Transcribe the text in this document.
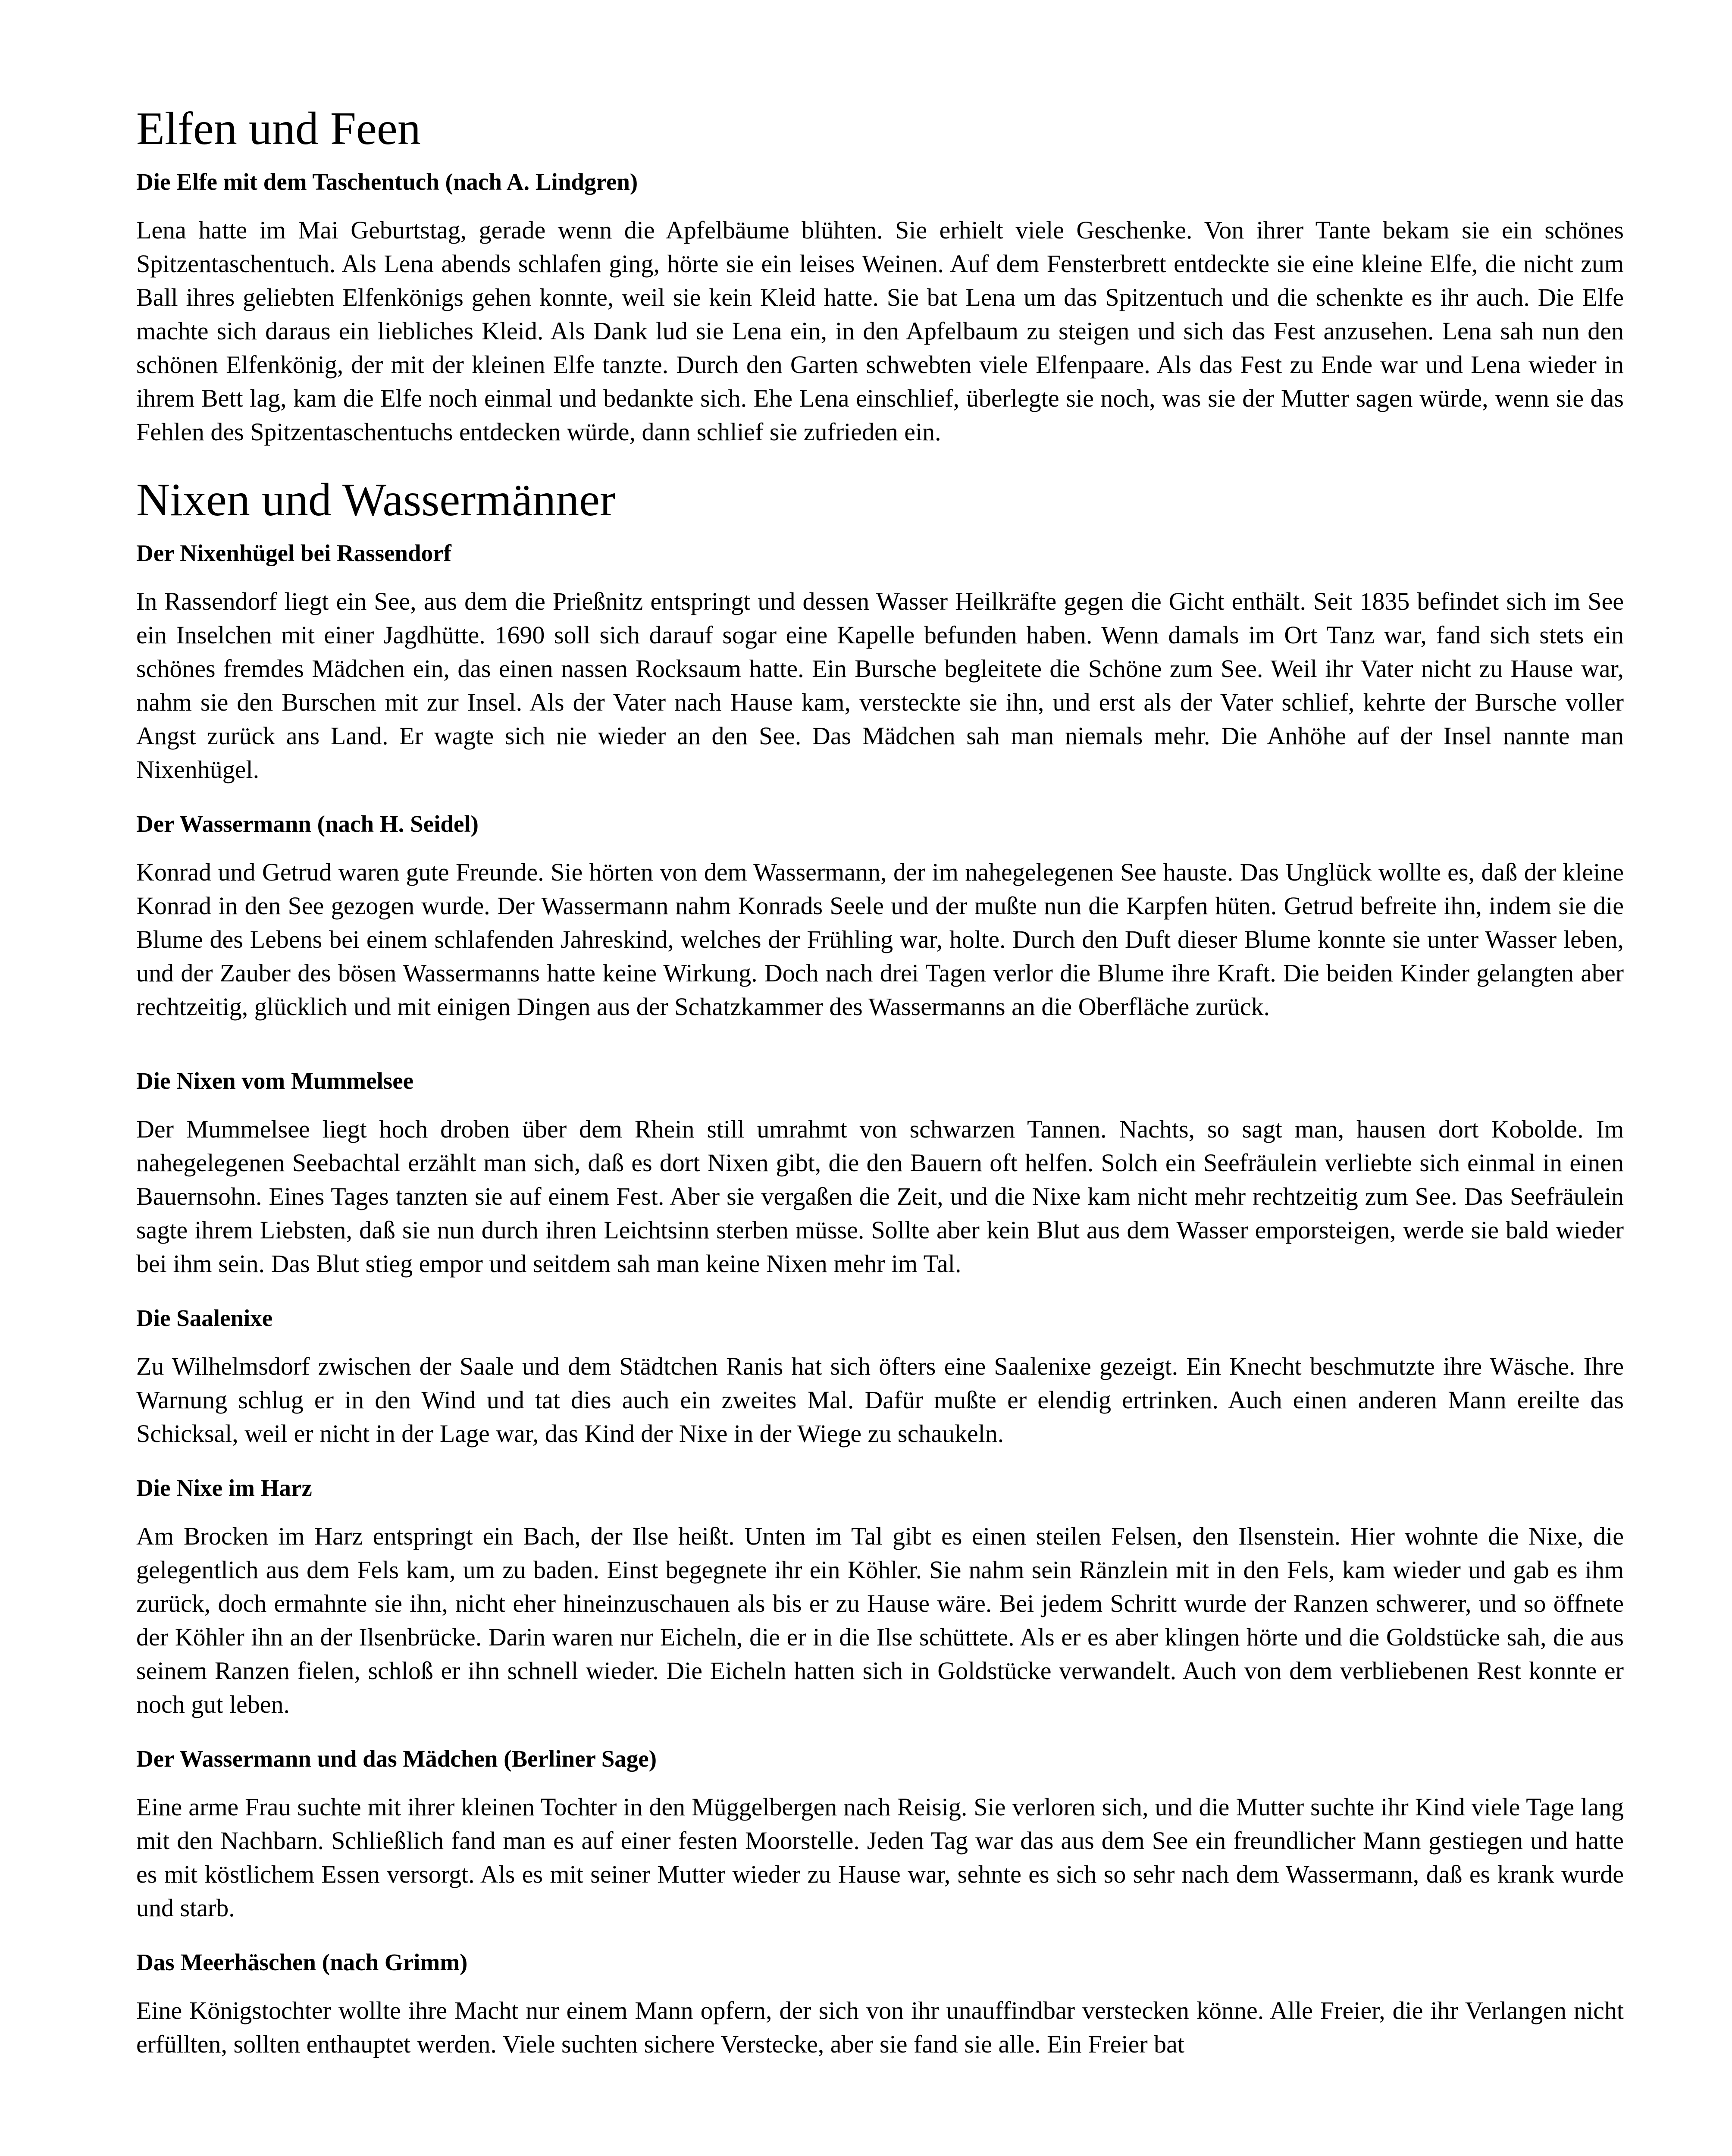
Elfen und Feen
Die Elfe mit dem Taschentuch (nach A. Lindgren)

Lena hatte im Mai Geburtstag, gerade wenn die Apfelbäume blühten. Sie erhielt viele Geschenke. Von ihrer Tante bekam sie ein schönes Spitzentaschentuch. Als Lena abends schlafen ging, hörte sie ein leises Weinen. Auf dem Fensterbrett entdeckte sie eine kleine Elfe, die nicht zum Ball ihres geliebten Elfenkönigs gehen konnte, weil sie kein Kleid hatte. Sie bat Lena um das Spitzentuch und die schenkte es ihr auch. Die Elfe machte sich daraus ein liebliches Kleid. Als Dank lud sie Lena ein, in den Apfelbaum zu steigen und sich das Fest anzusehen. Lena sah nun den schönen Elfenkönig, der mit der kleinen Elfe tanzte. Durch den Garten schwebten viele Elfenpaare. Als das Fest zu Ende war und Lena wieder in ihrem Bett lag, kam die Elfe noch einmal und bedankte sich. Ehe Lena einschlief, überlegte sie noch, was sie der Mutter sagen würde, wenn sie das Fehlen des Spitzentaschentuchs entdecken würde, dann schlief sie zufrieden ein.

Nixen und Wassermänner
Der Nixenhügel bei Rassendorf

In Rassendorf liegt ein See, aus dem die Prießnitz entspringt und dessen Wasser Heilkräfte gegen die Gicht enthält. Seit 1835 befindet sich im See ein Inselchen mit einer Jagdhütte. 1690 soll sich darauf sogar eine Kapelle befunden haben. Wenn damals im Ort Tanz war, fand sich stets ein schönes fremdes Mädchen ein, das einen nassen Rocksaum hatte. Ein Bursche begleitete die Schöne zum See. Weil ihr Vater nicht zu Hause war, nahm sie den Burschen mit zur Insel. Als der Vater nach Hause kam, versteckte sie ihn, und erst als der Vater schlief, kehrte der Bursche voller Angst zurück ans Land. Er wagte sich nie wieder an den See. Das Mädchen sah man niemals mehr. Die Anhöhe auf der Insel nannte man Nixenhügel.

Der Wassermann (nach H. Seidel)

Konrad und Getrud waren gute Freunde. Sie hörten von dem Wassermann, der im nahegelegenen See hauste. Das Unglück wollte es, daß der kleine Konrad in den See gezogen wurde. Der Wassermann nahm Konrads Seele und der mußte nun die Karpfen hüten. Getrud befreite ihn, indem sie die Blume des Lebens bei einem schlafenden Jahreskind, welches der Frühling war, holte. Durch den Duft dieser Blume konnte sie unter Wasser leben, und der Zauber des bösen Wassermanns hatte keine Wirkung. Doch nach drei Tagen verlor die Blume ihre Kraft. Die beiden Kinder gelangten aber rechtzeitig, glücklich und mit einigen Dingen aus der Schatzkammer des Wassermanns an die Oberfläche zurück.

Die Nixen vom Mummelsee

Der Mummelsee liegt hoch droben über dem Rhein still umrahmt von schwarzen Tannen. Nachts, so sagt man, hausen dort Kobolde. Im nahegelegenen Seebachtal erzählt man sich, daß es dort Nixen gibt, die den Bauern oft helfen. Solch ein Seefräulein verliebte sich einmal in einen Bauernsohn. Eines Tages tanzten sie auf einem Fest. Aber sie vergaßen die Zeit, und die Nixe kam nicht mehr rechtzeitig zum See. Das Seefräulein sagte ihrem Liebsten, daß sie nun durch ihren Leichtsinn sterben müsse. Sollte aber kein Blut aus dem Wasser emporsteigen, werde sie bald wieder bei ihm sein. Das Blut stieg empor und seitdem sah man keine Nixen mehr im Tal.

Die Saalenixe

Zu Wilhelmsdorf zwischen der Saale und dem Städtchen Ranis hat sich öfters eine Saalenixe gezeigt. Ein Knecht beschmutzte ihre Wäsche. Ihre Warnung schlug er in den Wind und tat dies auch ein zweites Mal. Dafür mußte er elendig ertrinken. Auch einen anderen Mann ereilte das Schicksal, weil er nicht in der Lage war, das Kind der Nixe in der Wiege zu schaukeln.

Die Nixe im Harz

Am Brocken im Harz entspringt ein Bach, der Ilse heißt. Unten im Tal gibt es einen steilen Felsen, den Ilsenstein. Hier wohnte die Nixe, die gelegentlich aus dem Fels kam, um zu baden. Einst begegnete ihr ein Köhler. Sie nahm sein Ränzlein mit in den Fels, kam wieder und gab es ihm zurück, doch ermahnte sie ihn, nicht eher hineinzuschauen als bis er zu Hause wäre. Bei jedem Schritt wurde der Ranzen schwerer, und so öffnete der Köhler ihn an der Ilsenbrücke. Darin waren nur Eicheln, die er in die Ilse schüttete. Als er es aber klingen hörte und die Goldstücke sah, die aus seinem Ranzen fielen, schloß er ihn schnell wieder. Die Eicheln hatten sich in Goldstücke verwandelt. Auch von dem verbliebenen Rest konnte er noch gut leben.

Der Wassermann und das Mädchen (Berliner Sage)

Eine arme Frau suchte mit ihrer kleinen Tochter in den Müggelbergen nach Reisig. Sie verloren sich, und die Mutter suchte ihr Kind viele Tage lang mit den Nachbarn. Schließlich fand man es auf einer festen Moorstelle. Jeden Tag war das aus dem See ein freundlicher Mann gestiegen und hatte es mit köstlichem Essen versorgt. Als es mit seiner Mutter wieder zu Hause war, sehnte es sich so sehr nach dem Wassermann, daß es krank wurde und starb.

Das Meerhäschen (nach Grimm)

Eine Königstochter wollte ihre Macht nur einem Mann opfern, der sich von ihr unauffindbar verstecken könne. Alle Freier, die ihr Verlangen nicht erfüllten, sollten enthauptet werden. Viele suchten sichere Verstecke, aber sie fand sie alle. Ein Freier bat
